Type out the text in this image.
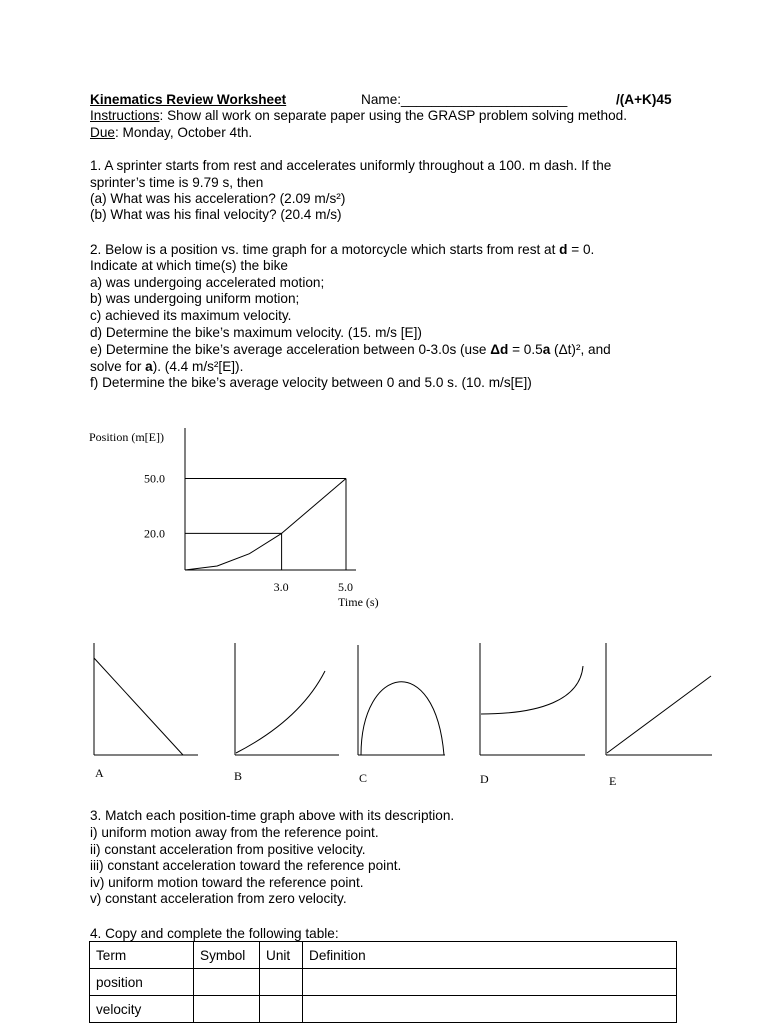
Kinematics Review Worksheet	Name:______________________	/(A+K)45
Instructions: Show all work on separate paper using the GRASP problem solving method.
Due: Monday, October 4th.
1. A sprinter starts from rest and accelerates uniformly throughout a 100. m dash. If the
sprinter’s time is 9.79 s, then
(a) What was his acceleration? (2.09 m/s²)
(b) What was his final velocity? (20.4 m/s)
2. Below is a position vs. time graph for a motorcycle which starts from rest at d = 0.
Indicate at which time(s) the bike
a) was undergoing accelerated motion;
b) was undergoing uniform motion;
c) achieved its maximum velocity.
d) Determine the bike’s maximum velocity. (15. m/s [E])
e) Determine the bike’s average acceleration between 0-3.0s (use Δd = 0.5a (Δt)², and
solve for a). (4.4 m/s²[E]).
f) Determine the bike’s average velocity between 0 and 5.0 s. (10. m/s[E])
Position (m[E])
Time (s)
50.0
20.0
3.0	5.0
A	B	C	D	E
3. Match each position-time graph above with its description.
i) uniform motion away from the reference point.
ii) constant acceleration from positive velocity.
iii) constant acceleration toward the reference point.
iv) uniform motion toward the reference point.
v) constant acceleration from zero velocity.
4. Copy and complete the following table:
Term	Symbol	Unit	Definition
position			
velocity			
